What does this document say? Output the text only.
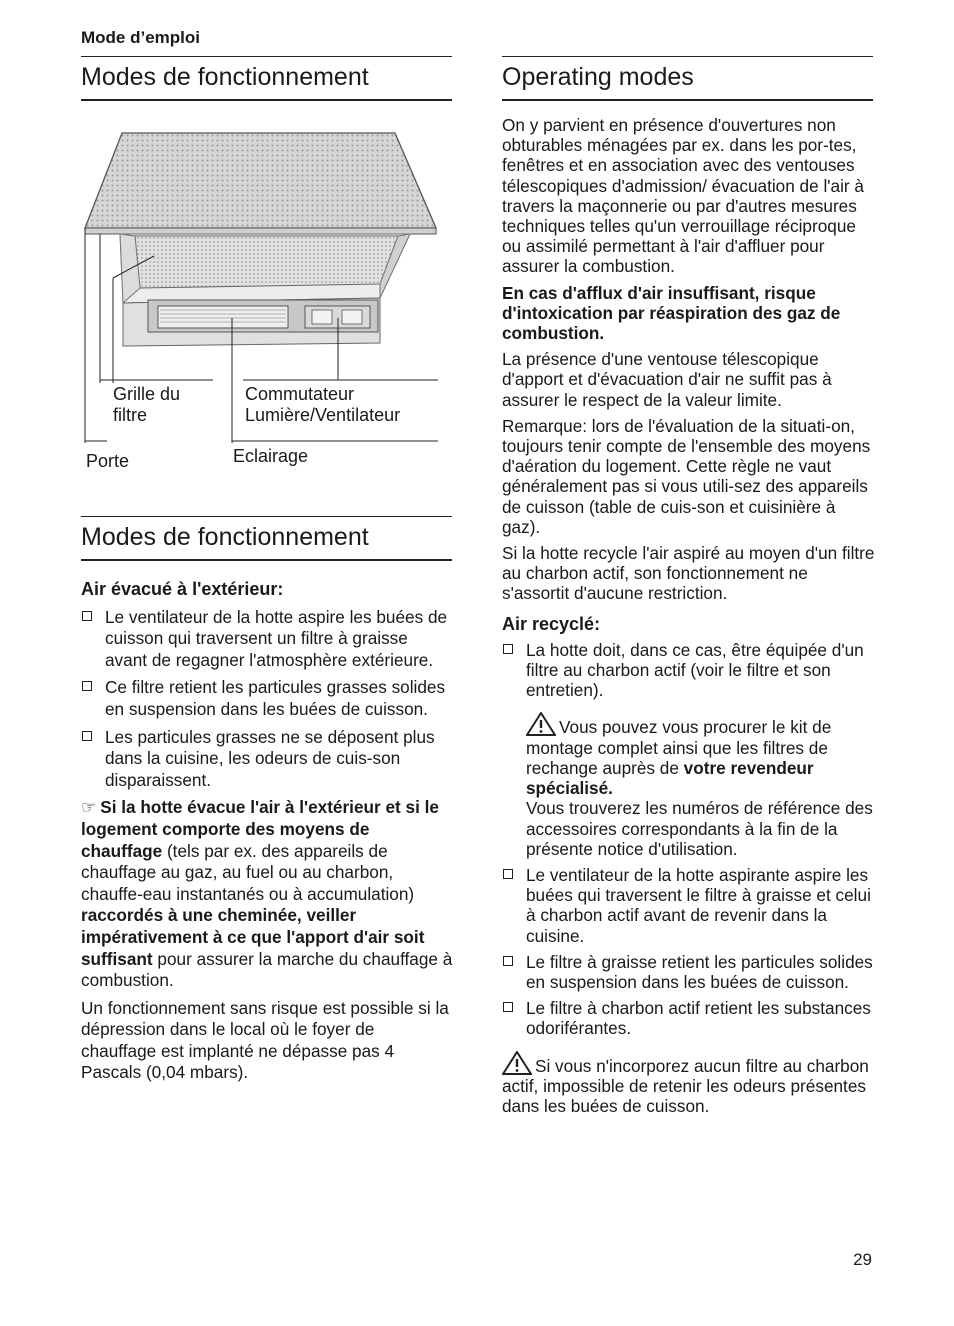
Mode d’emploi
Modes de fonctionnement
Grille du filtre
Commutateur Lumière/Ventilateur
Porte	Eclairage
Modes de fonctionnement
Air évacué à l'extérieur:
Le ventilateur de la hotte aspire les buées de cuisson qui traversent un filtre à graisse avant de regagner l'atmosphère extérieure.
Ce filtre retient les particules grasses solides en suspension dans les buées de cuisson.
Les particules grasses ne se déposent plus dans la cuisine, les odeurs de cuis-son disparaissent.

☞ Si la hotte évacue l'air à l'extérieur et si le logement comporte des moyens de chauffage (tels par ex. des appareils de chauffage au gaz, au fuel ou au charbon, chauffe-eau instantanés ou à accumulation) raccordés à une cheminée, veiller impérativement à ce que l'apport d'air soit suffisant pour assurer la marche du chauffage à combustion.

Un fonctionnement sans risque est possible si la dépression dans le local où le foyer de chauffage est implanté ne dépasse pas 4 Pascals (0,04 mbars).

Operating modes

On y parvient en présence d'ouvertures non obturables ménagées par ex. dans les por-tes, fenêtres et en association avec des ventouses télescopiques d'admission/ évacuation de l'air à travers la maçonnerie ou par d'autres mesures techniques telles qu'un verrouillage réciproque ou assimilé permettant à l'air d'affluer pour assurer la combustion.

En cas d'afflux d'air insuffisant, risque d'intoxication par réaspiration des gaz de combustion.

La présence d'une ventouse télescopique d'apport et d'évacuation d'air ne suffit pas à assurer le respect de la valeur limite.

Remarque: lors de l'évaluation de la situati-on, toujours tenir compte de l'ensemble des moyens d'aération du logement. Cette règle ne vaut généralement pas si vous utili-sez des appareils de cuisson (table de cuis-son et cuisinière à gaz).

Si la hotte recycle l'air aspiré au moyen d'un filtre au charbon actif, son fonctionnement ne s'assortit d'aucune restriction.

Air recyclé:
La hotte doit, dans ce cas, être équipée d'un filtre au charbon actif (voir le filtre et son entretien).
Vous pouvez vous procurer le kit de montage complet ainsi que les filtres de rechange auprès de votre revendeur spécialisé.
Vous trouverez les numéros de référence des accessoires correspondants à la fin de la présente notice d'utilisation.
Le ventilateur de la hotte aspirante aspire les buées qui traversent le filtre à graisse et celui à charbon actif avant de revenir dans la cuisine.
Le filtre à graisse retient les particules solides en suspension dans les buées de cuisson.
Le filtre à charbon actif retient les substances odoriférantes.

Si vous n'incorporez aucun filtre au charbon actif, impossible de retenir les odeurs présentes dans les buées de cuisson.

29
